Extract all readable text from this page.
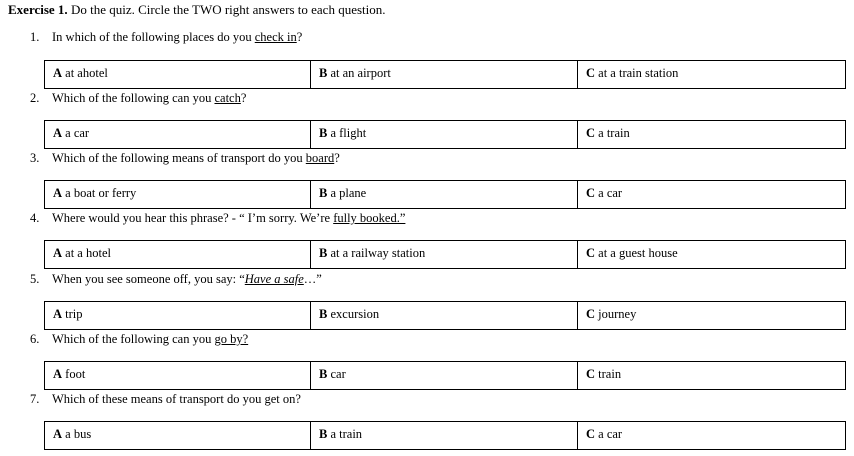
Exercise 1. Do the quiz. Circle the TWO right answers to each question.
1. In which of the following places do you check in?
A at ahotel	B at an airport	C at a train station
2. Which of the following can you catch?
A a car	B a flight	C a train
3. Which of the following means of transport do you board?
A a boat or ferry	B a plane	C a car
4. Where would you hear this phrase? - “ I’m sorry. We’re fully booked.”
A at a hotel	B at a railway station	C at a guest house
5. When you see someone off, you say: “Have a safe…”
A trip	B excursion	C journey
6. Which of the following can you go by?
A foot	B car	C train
7. Which of these means of transport do you get on?
A a bus	B a train	C a car
